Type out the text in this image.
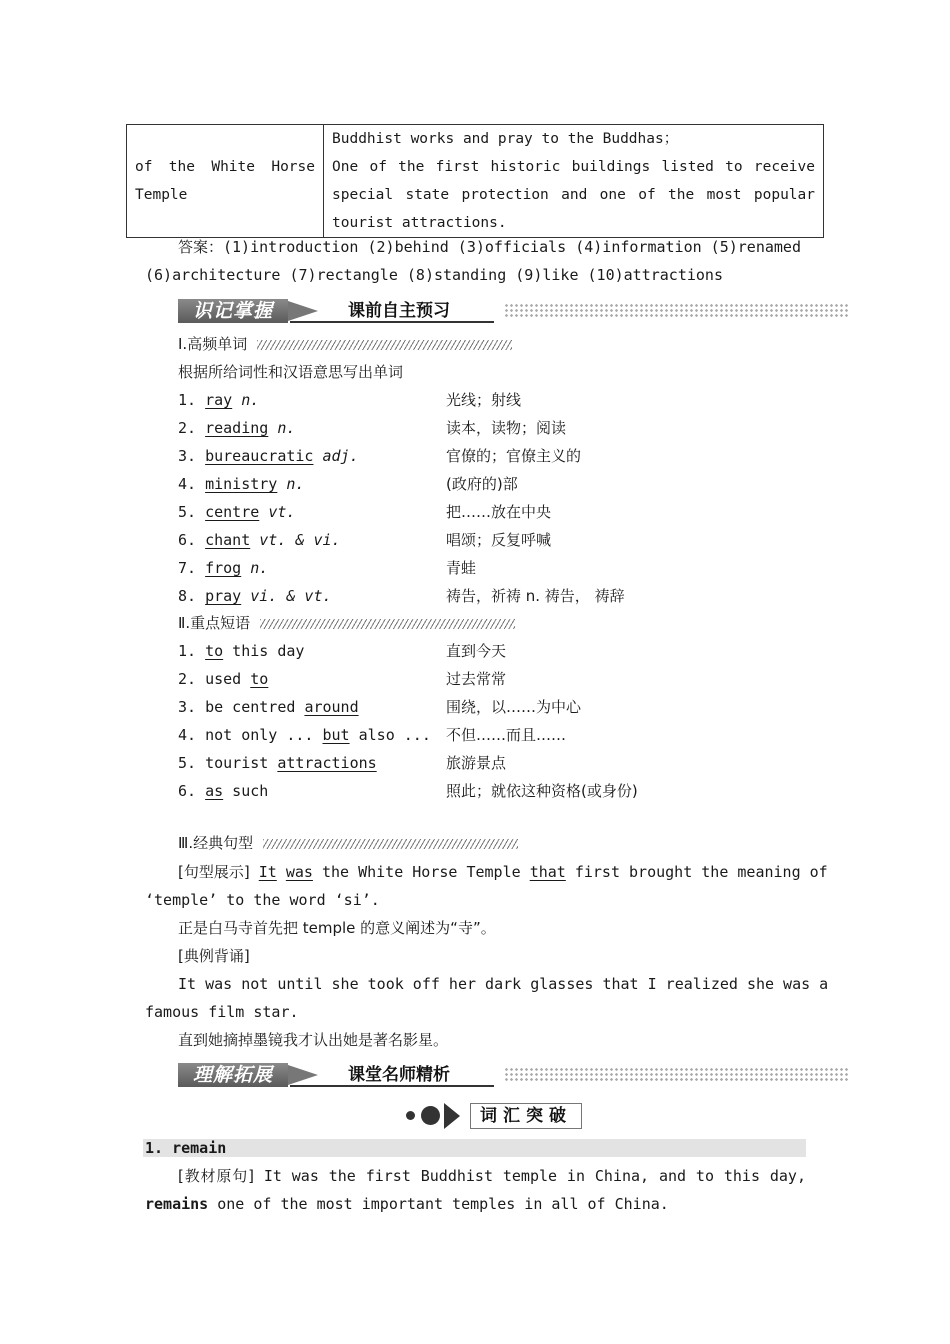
of the White Horse
Temple

Buddhist works and pray to the Buddhas；
One of the first historic buildings listed to receive
special state protection and one of the most popular
tourist attractions.
答案：(1)introduction (2)behind (3)officials (4)information (5)renamed
(6)architecture (7)rectangle (8)standing (9)like (10)attractions
识记掌握	课前自主预习
Ⅰ.高频单词
根据所给词性和汉语意思写出单词
1. ray n.	光线；射线
2. reading n.	读本，读物；阅读
3. bureaucratic adj.	官僚的；官僚主义的
4. ministry n.	(政府的)部
5. centre vt.	把……放在中央
6. chant vt. & vi.	唱颂；反复呼喊
7. frog n.	青蛙
8. pray vi. & vt.	祷告，祈祷 n. 祷告， 祷辞
Ⅱ.重点短语
1. to this day	直到今天
2. used to	过去常常
3. be centred around	围绕，以……为中心
4. not only ... but also ... 不但……而且……
5. tourist attractions	旅游景点
6. as such	照此；就依这种资格(或身份)
Ⅲ.经典句型
[句型展示] It was the White Horse Temple that first brought the meaning of
‘temple’ to the word ‘si’.
正是白马寺首先把 temple 的意义阐述为“寺”。
[典例背诵]
It was not until she took off her dark glasses that I realized she was a
famous film star.
直到她摘掉墨镜我才认出她是著名影星。
理解拓展	课堂名师精析
词汇突破
1. remain
[教材原句] It was the first Buddhist temple in China, and to this day,
remains one of the most important temples in all of China.
